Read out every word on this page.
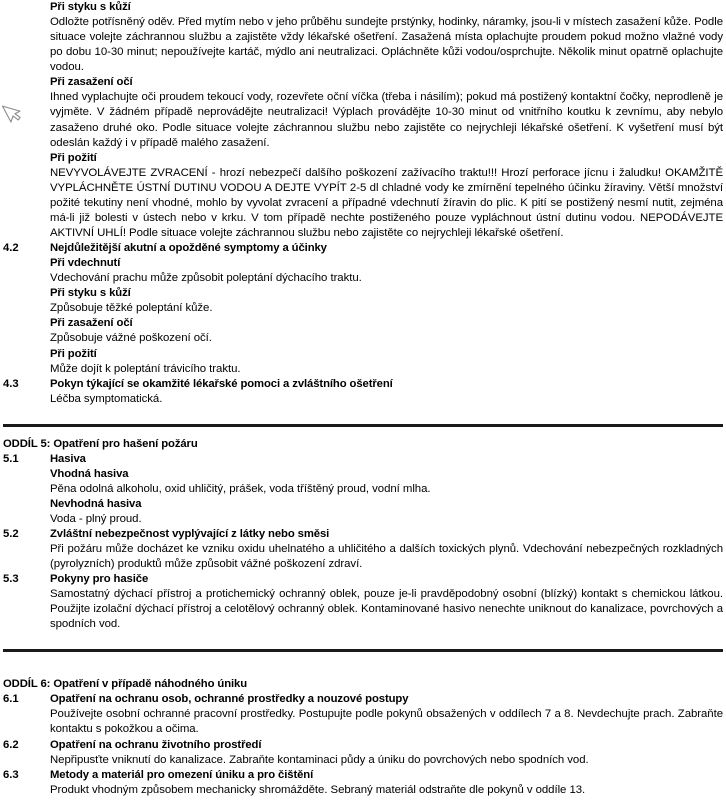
Při styku s kůží
Odložte potřísněný oděv. Před mytím nebo v jeho průběhu sundejte prstýnky, hodinky, náramky, jsou-li v místech zasažení kůže. Podle situace volejte záchrannou službu a zajistěte vždy lékařské ošetření. Zasažená místa oplachujte proudem pokud možno vlažné vody po dobu 10-30 minut; nepoužívejte kartáč, mýdlo ani neutralizaci. Opláchněte kůži vodou/osprchujte. Několik minut opatrně oplachujte vodou.
Při zasažení očí
Ihned vyplachujte oči proudem tekoucí vody, rozevřete oční víčka (třeba i násilím); pokud má postižený kontaktní čočky, neprodleně je vyjměte. V žádném případě neprovádějte neutralizaci! Výplach provádějte 10-30 minut od vnitřního koutku k zevnímu, aby nebylo zasaženo druhé oko. Podle situace volejte záchrannou službu nebo zajistěte co nejrychleji lékařské ošetření. K vyšetření musí být odeslán každý i v případě malého zasažení.
Při požití
NEVYVOLÁVEJTE ZVRACENÍ - hrozí nebezpečí dalšího poškození zažívacího traktu!!! Hrozí perforace jícnu i žaludku! OKAMŽITĚ VYPLÁCHNĚTE ÚSTNÍ DUTINU VODOU A DEJTE VYPÍT 2-5 dl chladné vody ke zmírnění tepelného účinku žíraviny. Větší množství požité tekutiny není vhodné, mohlo by vyvolat zvracení a případné vdechnutí žíravin do plic. K pití se postižený nesmí nutit, zejména má-li již bolesti v ústech nebo v krku. V tom případě nechte postiženého pouze vypláchnout ústní dutinu vodou. NEPODÁVEJTE AKTIVNÍ UHLÍ! Podle situace volejte záchrannou službu nebo zajistěte co nejrychleji lékařské ošetření.
4.2	Nejdůležitější akutní a opožděné symptomy a účinky
Při vdechnutí
Vdechování prachu může způsobit poleptání dýchacího traktu.
Při styku s kůží
Způsobuje těžké poleptání kůže.
Při zasažení očí
Způsobuje vážné poškození očí.
Při požití
Může dojít k poleptání trávicího traktu.
4.3	Pokyn týkající se okamžité lékařské pomoci a zvláštního ošetření
Léčba symptomatická.
ODDÍL 5: Opatření pro hašení požáru
5.1	Hasiva
Vhodná hasiva
Pěna odolná alkoholu, oxid uhličitý, prášek, voda tříštěný proud, vodní mlha.
Nevhodná hasiva
Voda - plný proud.
5.2	Zvláštní nebezpečnost vyplývající z látky nebo směsi
Při požáru může docházet ke vzniku oxidu uhelnatého a uhličitého a dalších toxických plynů. Vdechování nebezpečných rozkladných (pyrolyzních) produktů může způsobit vážné poškození zdraví.
5.3	Pokyny pro hasiče
Samostatný dýchací přístroj a protichemický ochranný oblek, pouze je-li pravděpodobný osobní (blízký) kontakt s chemickou látkou. Použijte izolační dýchací přístroj a celotělový ochranný oblek. Kontaminované hasivo nenechte uniknout do kanalizace, povrchových a spodních vod.
ODDÍL 6: Opatření v případě náhodného úniku
6.1	Opatření na ochranu osob, ochranné prostředky a nouzové postupy
Používejte osobní ochranné pracovní prostředky. Postupujte podle pokynů obsažených v oddílech 7 a 8. Nevdechujte prach. Zabraňte kontaktu s pokožkou a očima.
6.2	Opatření na ochranu životního prostředí
Nepřipusťte vniknutí do kanalizace. Zabraňte kontaminaci půdy a úniku do povrchových nebo spodních vod.
6.3	Metody a materiál pro omezení úniku a pro čištění
Produkt vhodným způsobem mechanicky shromážděte. Sebraný materiál odstraňte dle pokynů v oddíle 13.
